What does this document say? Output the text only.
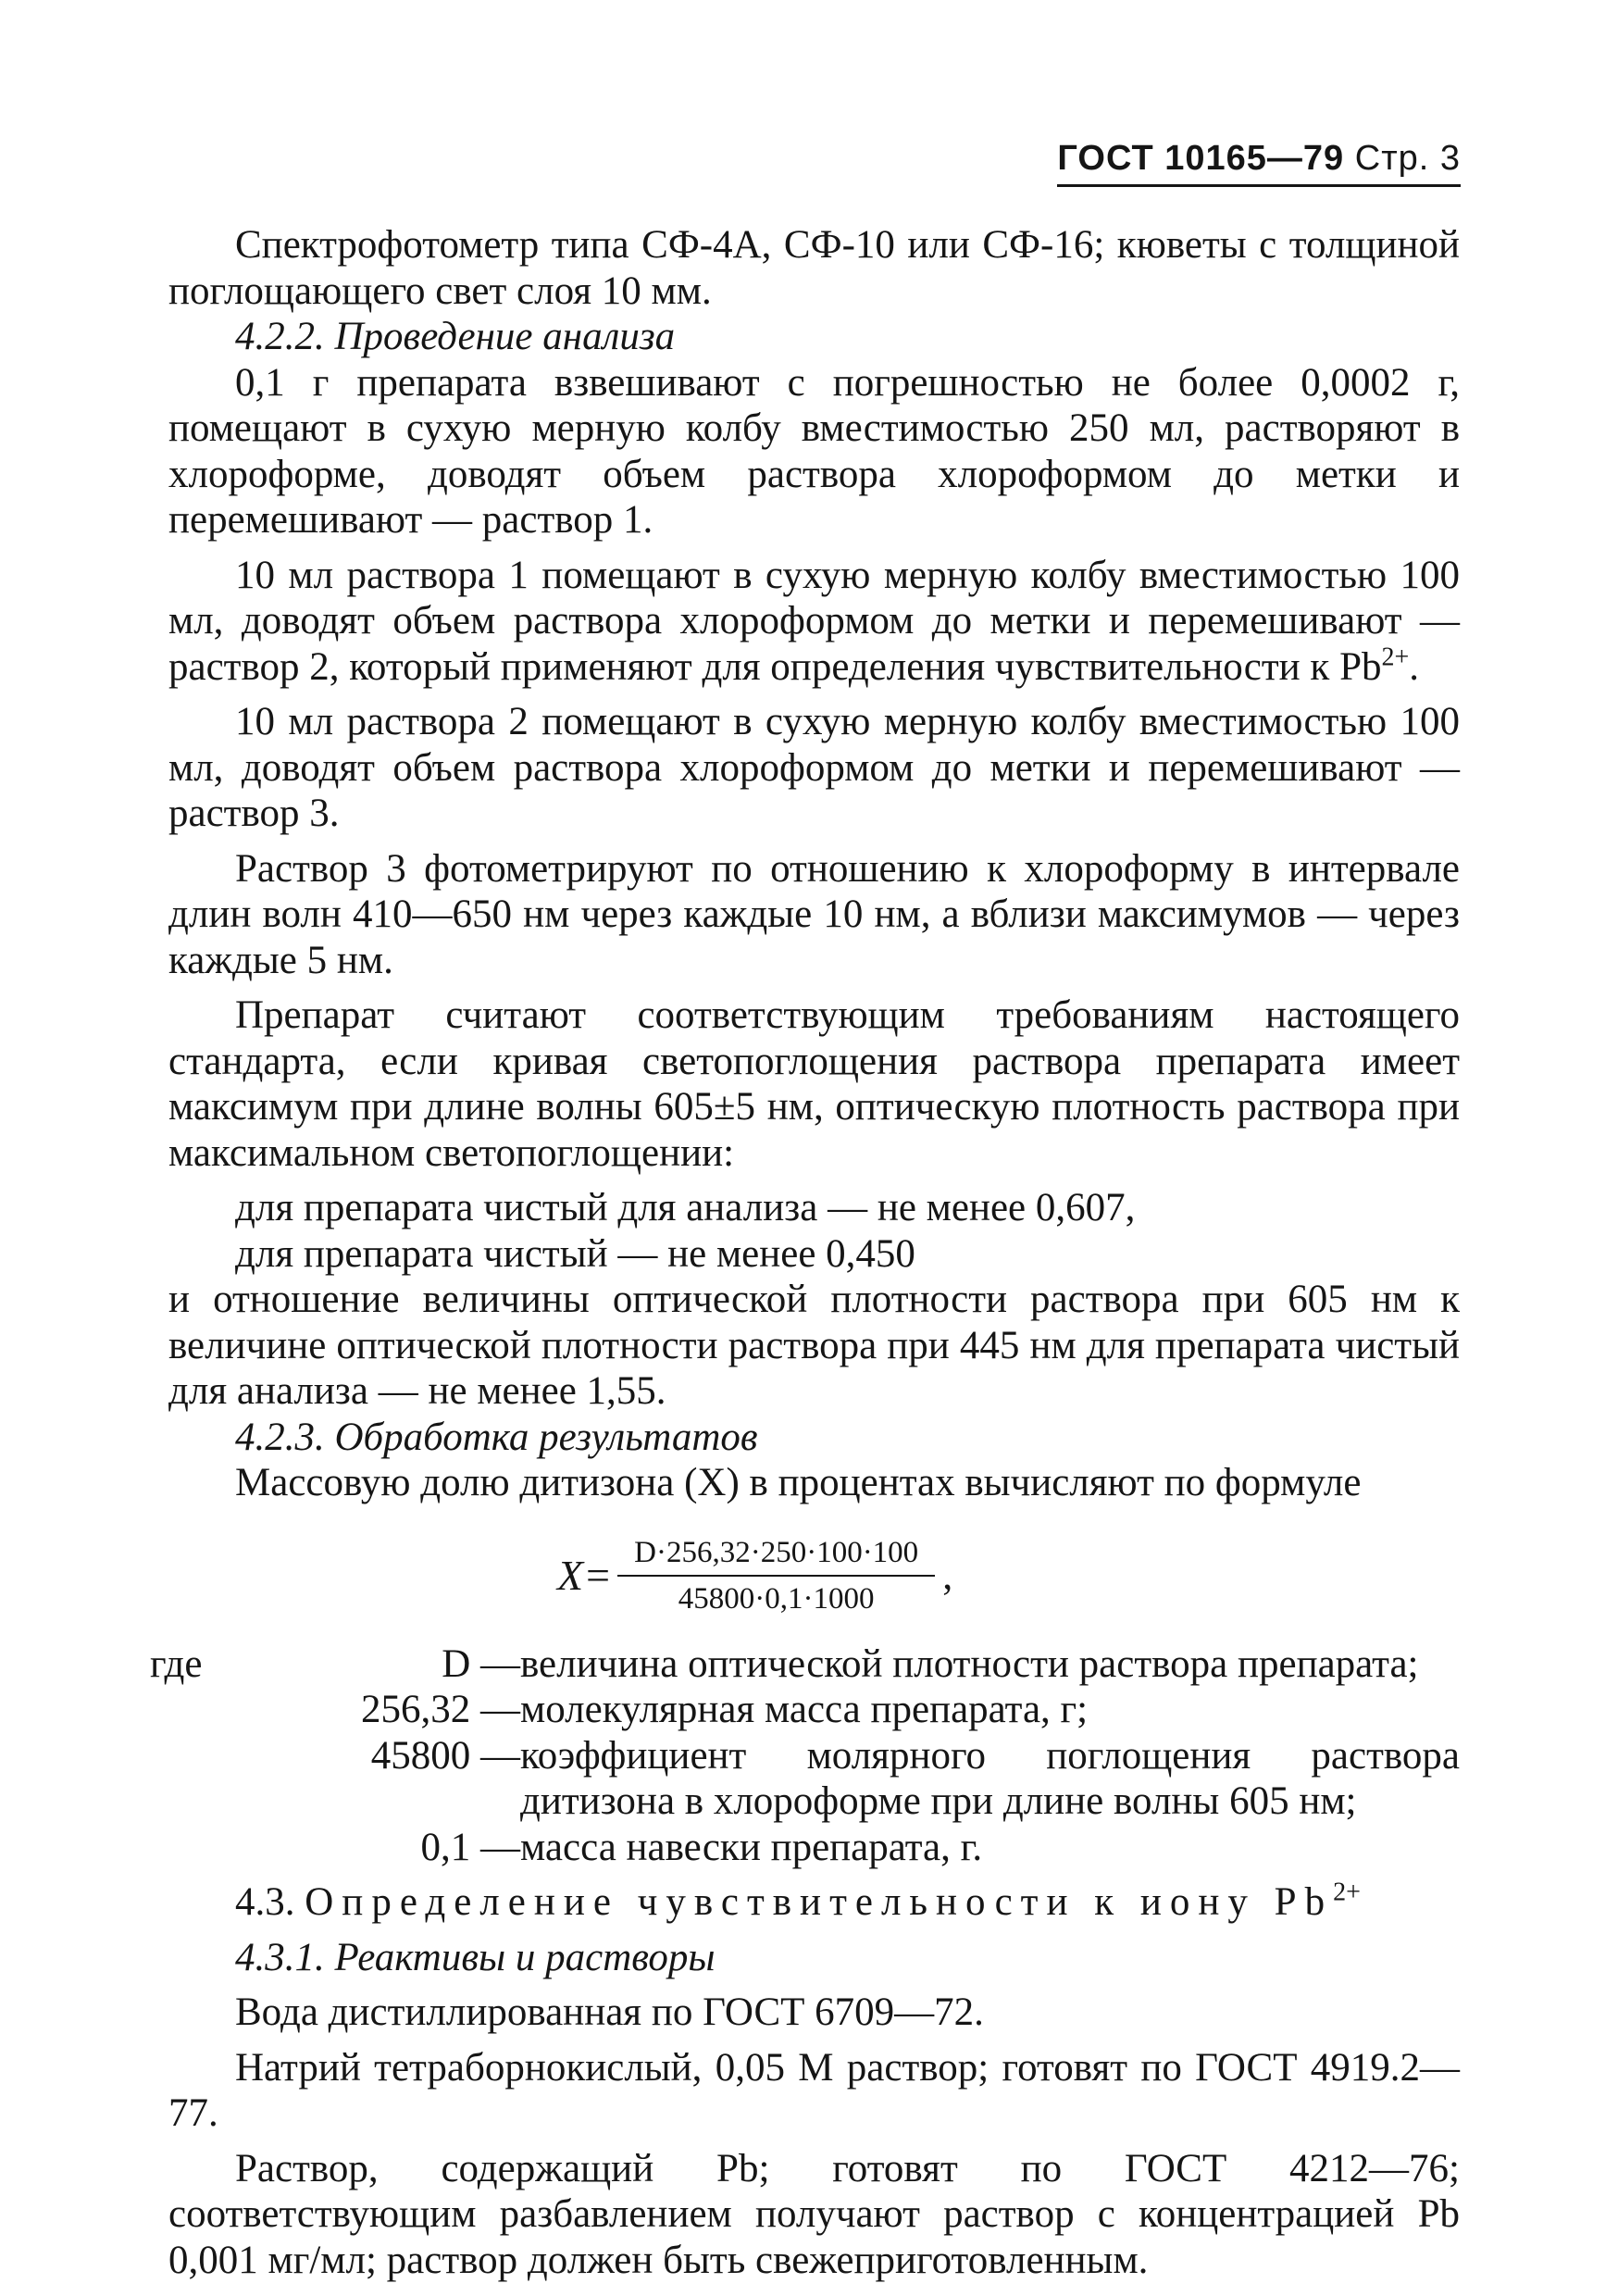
ГОСТ 10165—79 Стр. 3

Спектрофотометр типа СФ-4А, СФ-10 или СФ-16; кюветы с толщиной поглощающего свет слоя 10 мм.

4.2.2. Проведение анализа

0,1 г препарата взвешивают с погрешностью не более 0,0002 г, помещают в сухую мерную колбу вместимостью 250 мл, растворяют в хлороформе, доводят объем раствора хлороформом до метки и перемешивают — раствор 1.

10 мл раствора 1 помещают в сухую мерную колбу вместимостью 100 мл, доводят объем раствора хлороформом до метки и перемешивают — раствор 2, который применяют для определения чувствительности к $Pb^{2+}$.

10 мл раствора 2 помещают в сухую мерную колбу вместимостью 100 мл, доводят объем раствора хлороформом до метки и перемешивают — раствор 3.

Раствор 3 фотометрируют по отношению к хлороформу в интервале длин волн 410—650 нм через каждые 10 нм, а вблизи максимумов — через каждые 5 нм.

Препарат считают соответствующим требованиям настоящего стандарта, если кривая светопоглощения раствора препарата имеет максимум при длине волны 605±5 нм, оптическую плотность раствора при максимальном светопоглощении:

для препарата чистый для анализа — не менее 0,607,

для препарата чистый — не менее 0,450

и отношение величины оптической плотности раствора при 605 нм к величине оптической плотности раствора при 445 нм для препарата чистый для анализа — не менее 1,55.

4.2.3. Обработка результатов

Массовую долю дитизона (X) в процентах вычисляют по формуле

$X= \frac{D\cdot 256,32\cdot 250\cdot 100\cdot 100}{45800\cdot 0,1\cdot 1000}$ ,
где	D — величина оптической плотности раствора препарата;
256,32 — молекулярная масса препарата, г;
45800 — коэффициент молярного поглощения раствора дитизона в хлороформе при длине волны 605 нм;
0,1 — масса навески препарата, г.

4.3. Определение чувствительности к иону $Pb^{2+}$

4.3.1. Реактивы и растворы

Вода дистиллированная по ГОСТ 6709—72.

Натрий тетраборнокислый, 0,05 М раствор; готовят по ГОСТ 4919.2—77.

Раствор, содержащий Pb; готовят по ГОСТ 4212—76; соответствующим разбавлением получают раствор с концентрацией Pb 0,001 мг/мл; раствор должен быть свежеприготовленным.
